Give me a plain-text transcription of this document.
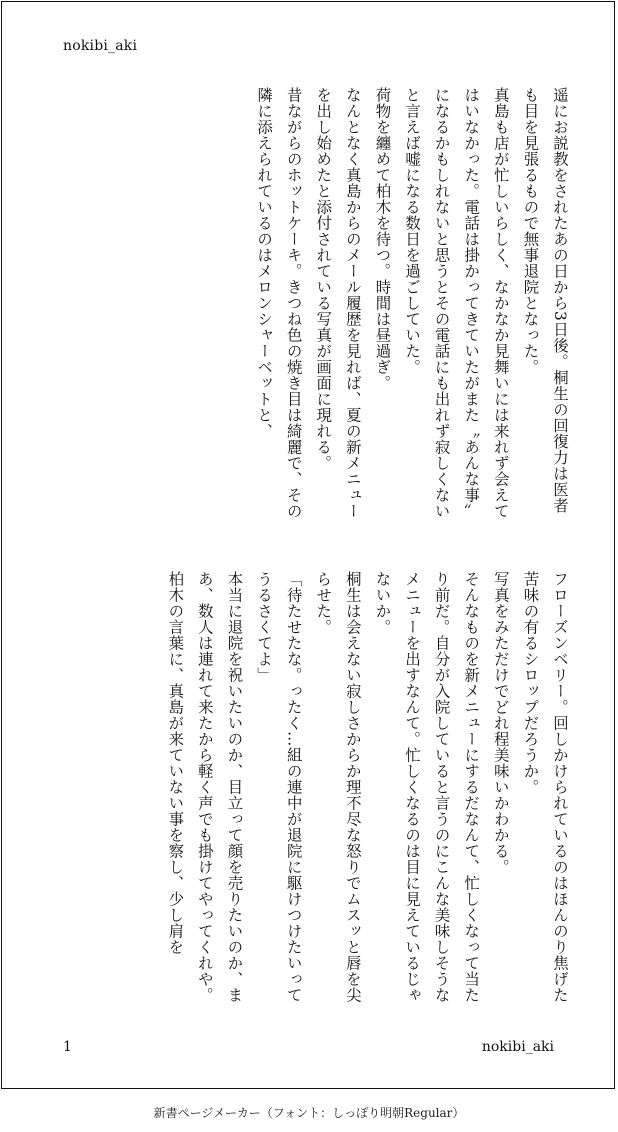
nokibi_aki

遥にお説教をされたあの日から3日後。桐生の回復力は医者も目を見張るもので無事退院となった。

真島も店が忙しいらしく、なかなか見舞いには来れず会えてはいなかった。電話は掛かってきていたがまた〝あんな事〟になるかもしれないと思うとその電話にも出れず寂しくないと言えば嘘になる数日を過ごしていた。

荷物を纏めて柏木を待つ。時間は昼過ぎ。

なんとなく真島からのメール履歴を見れば、夏の新メニューを出し始めたと添付されている写真が画面に現れる。

昔ながらのホットケーキ。きつね色の焼き目は綺麗で、その隣に添えられているのはメロンシャーベットと、

フローズンベリー。回しかけられているのはほんのり焦げた苦味の有るシロップだろうか。

写真をみただけでどれ程美味いかわかる。

そんなものを新メニューにするだなんて、忙しくなって当たり前だ。自分が入院していると言うのにこんな美味しそうなメニューを出すなんて。忙しくなるのは目に見えているじゃないか。

桐生は会えない寂しさからか理不尽な怒りでムスッと唇を尖らせた。

「待たせたな。ったく…組の連中が退院に駆けつけたいってうるさくてよ」

本当に退院を祝いたいのか、目立って顔を売りたいのか、まあ、数人は連れて来たから軽く声でも掛けてやってくれや。

柏木の言葉に、真島が来ていない事を察し、少し肩を

1	nokibi_aki
新書ページメーカー（フォント：しっぽり明朝Regular）
